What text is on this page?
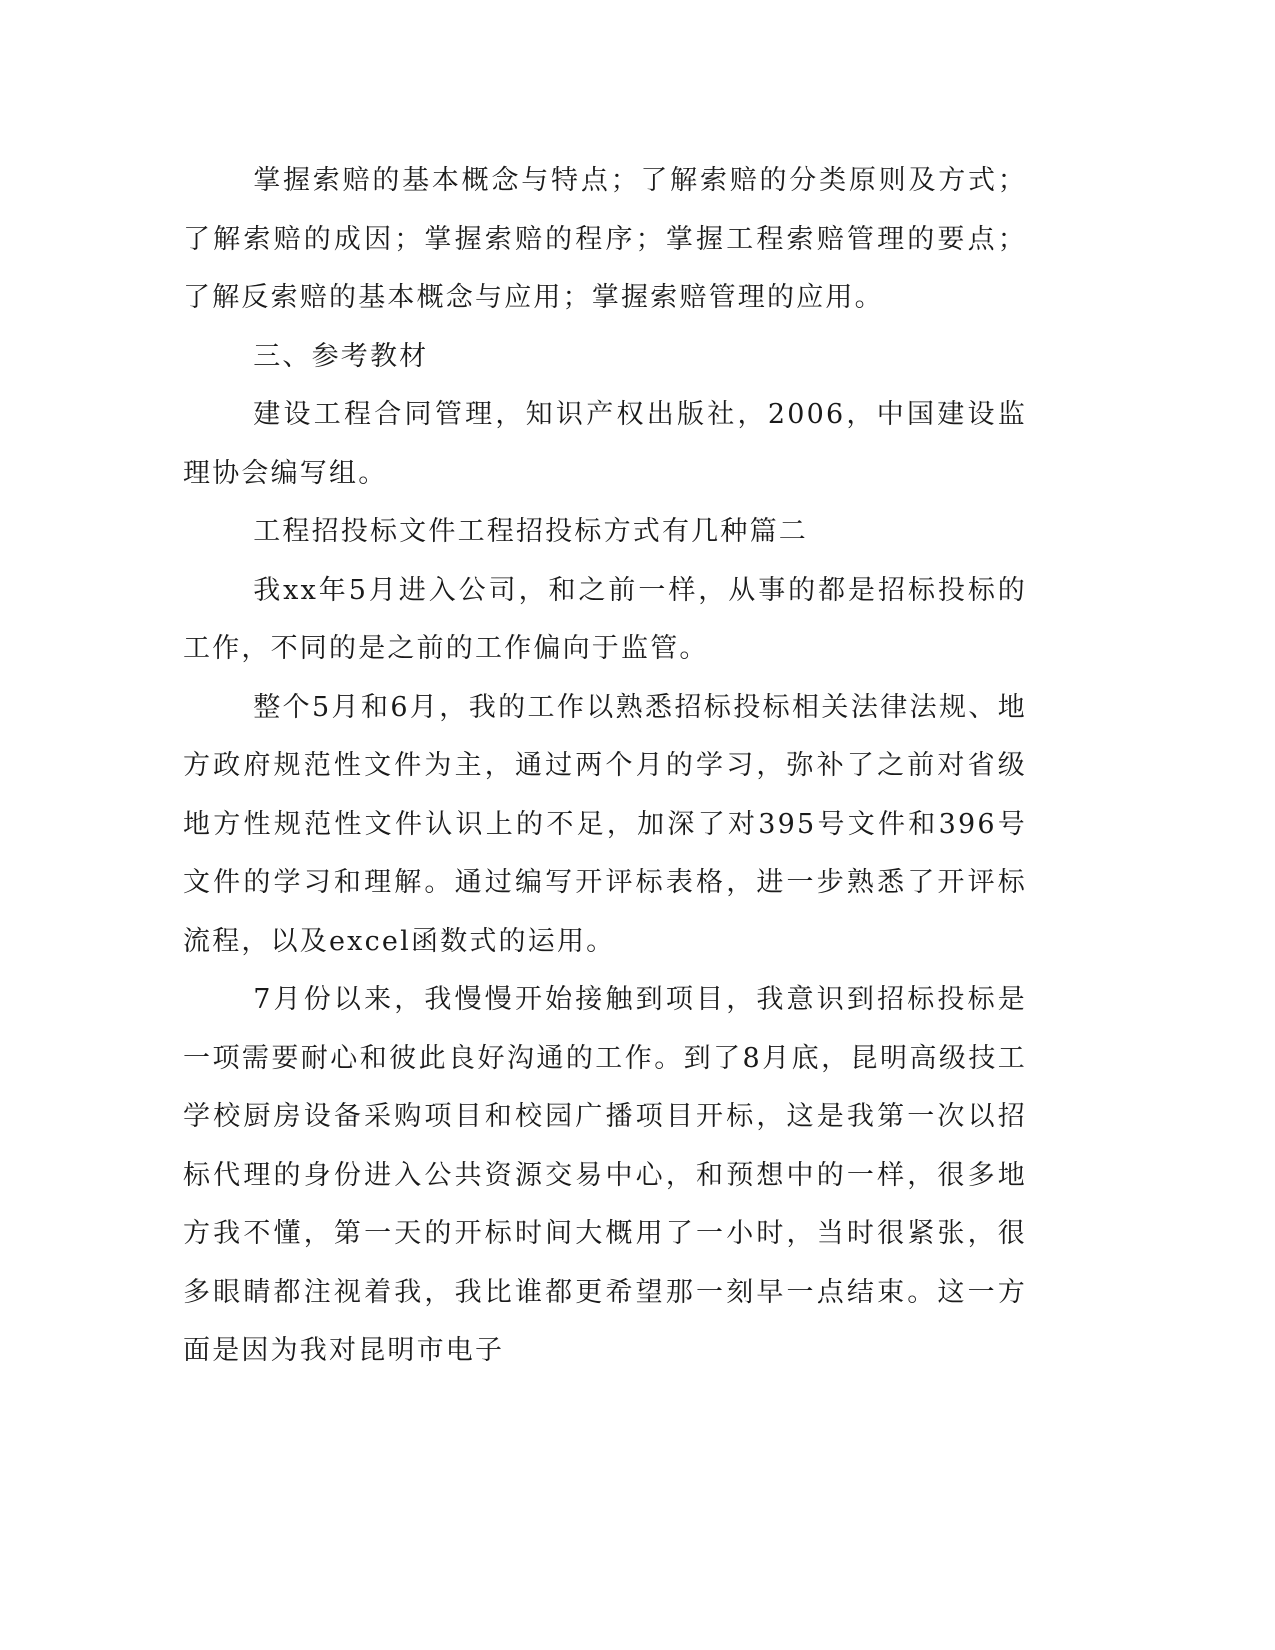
掌握索赔的基本概念与特点；了解索赔的分类原则及方式；了解索赔的成因；掌握索赔的程序；掌握工程索赔管理的要点；了解反索赔的基本概念与应用；掌握索赔管理的应用。

三、参考教材

建设工程合同管理，知识产权出版社，2006，中国建设监理协会编写组。

工程招投标文件工程招投标方式有几种篇二

我xx年5月进入公司，和之前一样，从事的都是招标投标的工作，不同的是之前的工作偏向于监管。

整个5月和6月，我的工作以熟悉招标投标相关法律法规、地方政府规范性文件为主，通过两个月的学习，弥补了之前对省级地方性规范性文件认识上的不足，加深了对395号文件和396号文件的学习和理解。通过编写开评标表格，进一步熟悉了开评标流程，以及excel函数式的运用。

7月份以来，我慢慢开始接触到项目，我意识到招标投标是一项需要耐心和彼此良好沟通的工作。到了8月底，昆明高级技工学校厨房设备采购项目和校园广播项目开标，这是我第一次以招标代理的身份进入公共资源交易中心，和预想中的一样，很多地方我不懂，第一天的开标时间大概用了一小时，当时很紧张，很多眼睛都注视着我，我比谁都更希望那一刻早一点结束。这一方面是因为我对昆明市电子
